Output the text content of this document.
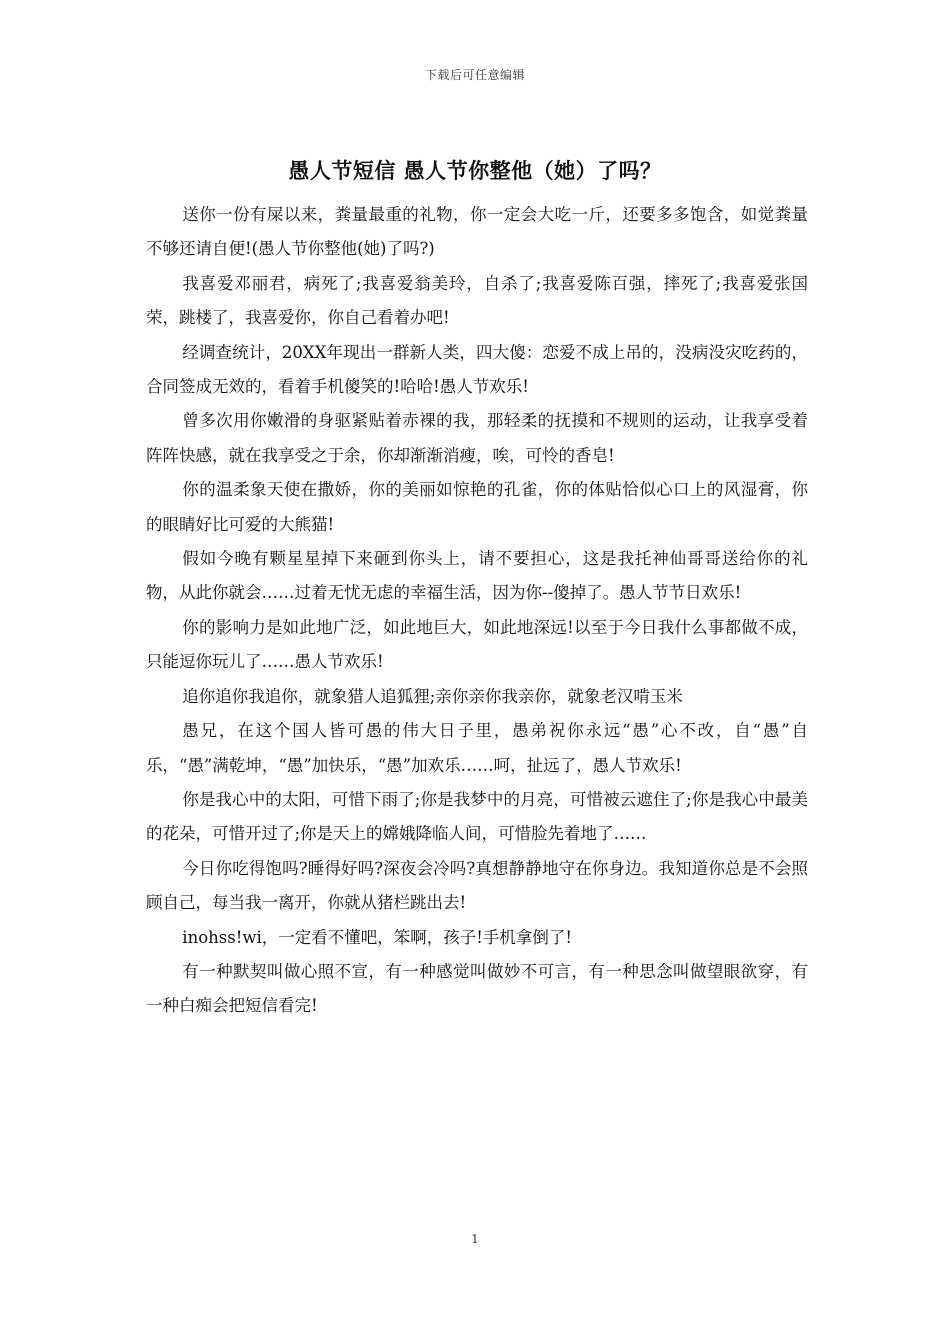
下载后可任意编辑
愚人节短信 愚人节你整他（她）了吗？

送你一份有屎以来，粪量最重的礼物，你一定会大吃一斤，还要多多饱含，如觉粪量不够还请自便!(愚人节你整他(她)了吗?)

我喜爱邓丽君，病死了;我喜爱翁美玲，自杀了;我喜爱陈百强，摔死了;我喜爱张国荣，跳楼了，我喜爱你，你自己看着办吧!

经调查统计，20XX年现出一群新人类，四大傻：恋爱不成上吊的，没病没灾吃药的，合同签成无效的，看着手机傻笑的!哈哈!愚人节欢乐!

曾多次用你嫩滑的身驱紧贴着赤裸的我，那轻柔的抚摸和不规则的运动，让我享受着阵阵快感，就在我享受之于余，你却渐渐消瘦，唉，可怜的香皂!

你的温柔象天使在撒娇，你的美丽如惊艳的孔雀，你的体贴恰似心口上的风湿膏，你的眼睛好比可爱的大熊猫!

假如今晚有颗星星掉下来砸到你头上，请不要担心，这是我托神仙哥哥送给你的礼物，从此你就会……过着无忧无虑的幸福生活，因为你--傻掉了。愚人节节日欢乐!

你的影响力是如此地广泛，如此地巨大，如此地深远!以至于今日我什么事都做不成，只能逗你玩儿了……愚人节欢乐!

追你追你我追你，就象猎人追狐狸;亲你亲你我亲你，就象老汉啃玉米

愚兄，在这个国人皆可愚的伟大日子里，愚弟祝你永远“愚”心不改，自“愚”自乐，“愚”满乾坤，“愚”加快乐，“愚”加欢乐……呵，扯远了，愚人节欢乐!

你是我心中的太阳，可惜下雨了;你是我梦中的月亮，可惜被云遮住了;你是我心中最美的花朵，可惜开过了;你是天上的嫦娥降临人间，可惜脸先着地了……

今日你吃得饱吗?睡得好吗?深夜会冷吗?真想静静地守在你身边。我知道你总是不会照顾自己，每当我一离开，你就从猪栏跳出去!

inohss!wi，一定看不懂吧，笨啊，孩子!手机拿倒了!

有一种默契叫做心照不宣，有一种感觉叫做妙不可言，有一种思念叫做望眼欲穿，有一种白痴会把短信看完!

1
